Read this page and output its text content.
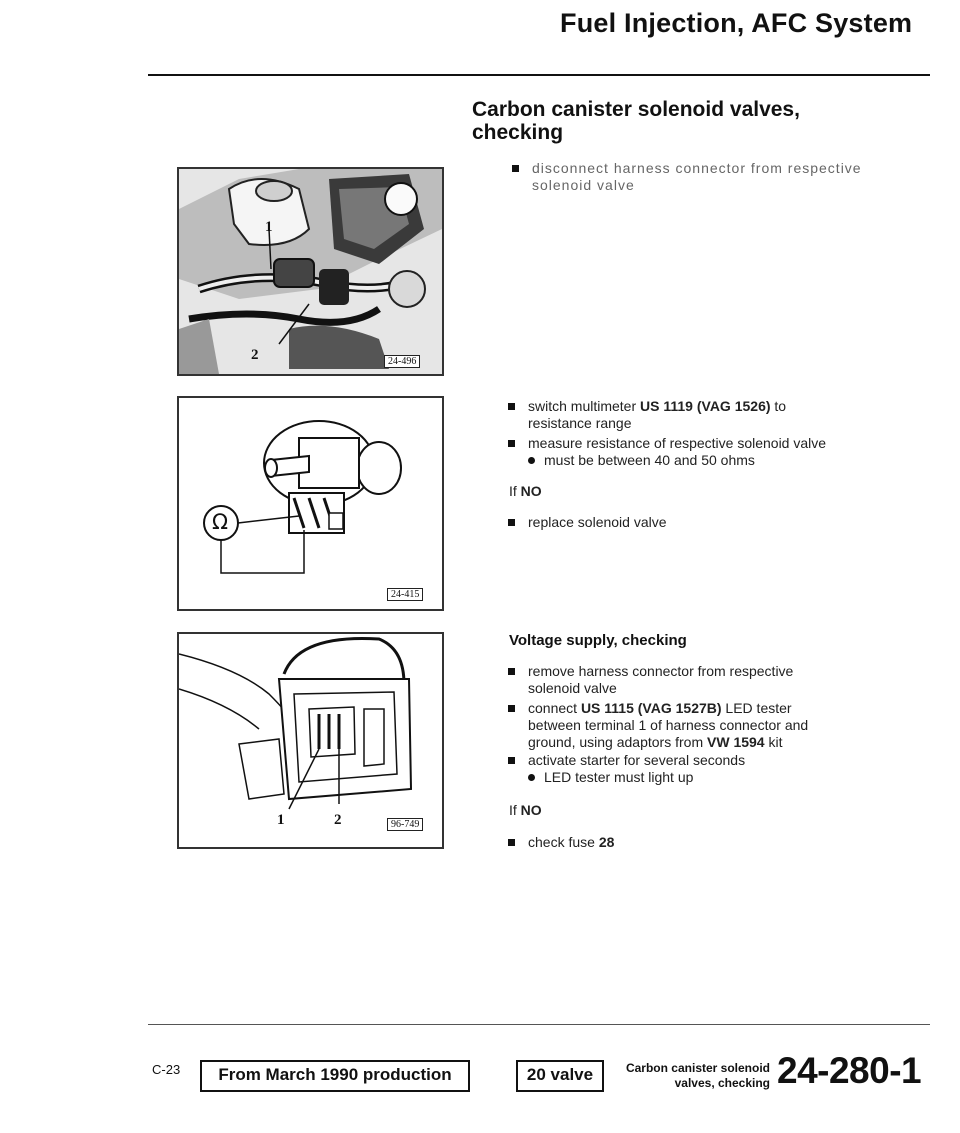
Fuel Injection, AFC System
Carbon canister solenoid valves,
checking
disconnect harness connector from respective
solenoid valve
switch multimeter US 1119 (VAG 1526) to
resistance range
measure resistance of respective solenoid valve
must be between 40 and 50 ohms
If NO
replace solenoid valve
Voltage supply, checking
remove harness connector from respective
solenoid valve
connect US 1115 (VAG 1527B) LED tester
between terminal 1 of harness connector and
ground, using adaptors from VW 1594 kit
activate starter for several seconds
LED tester must light up
If NO
check fuse 28
1
2	24-496
Ω
24-415
1	2	96-749
C-23	From March 1990 production	20 valve	Carbon canister solenoid
valves, checking 24-280-1
